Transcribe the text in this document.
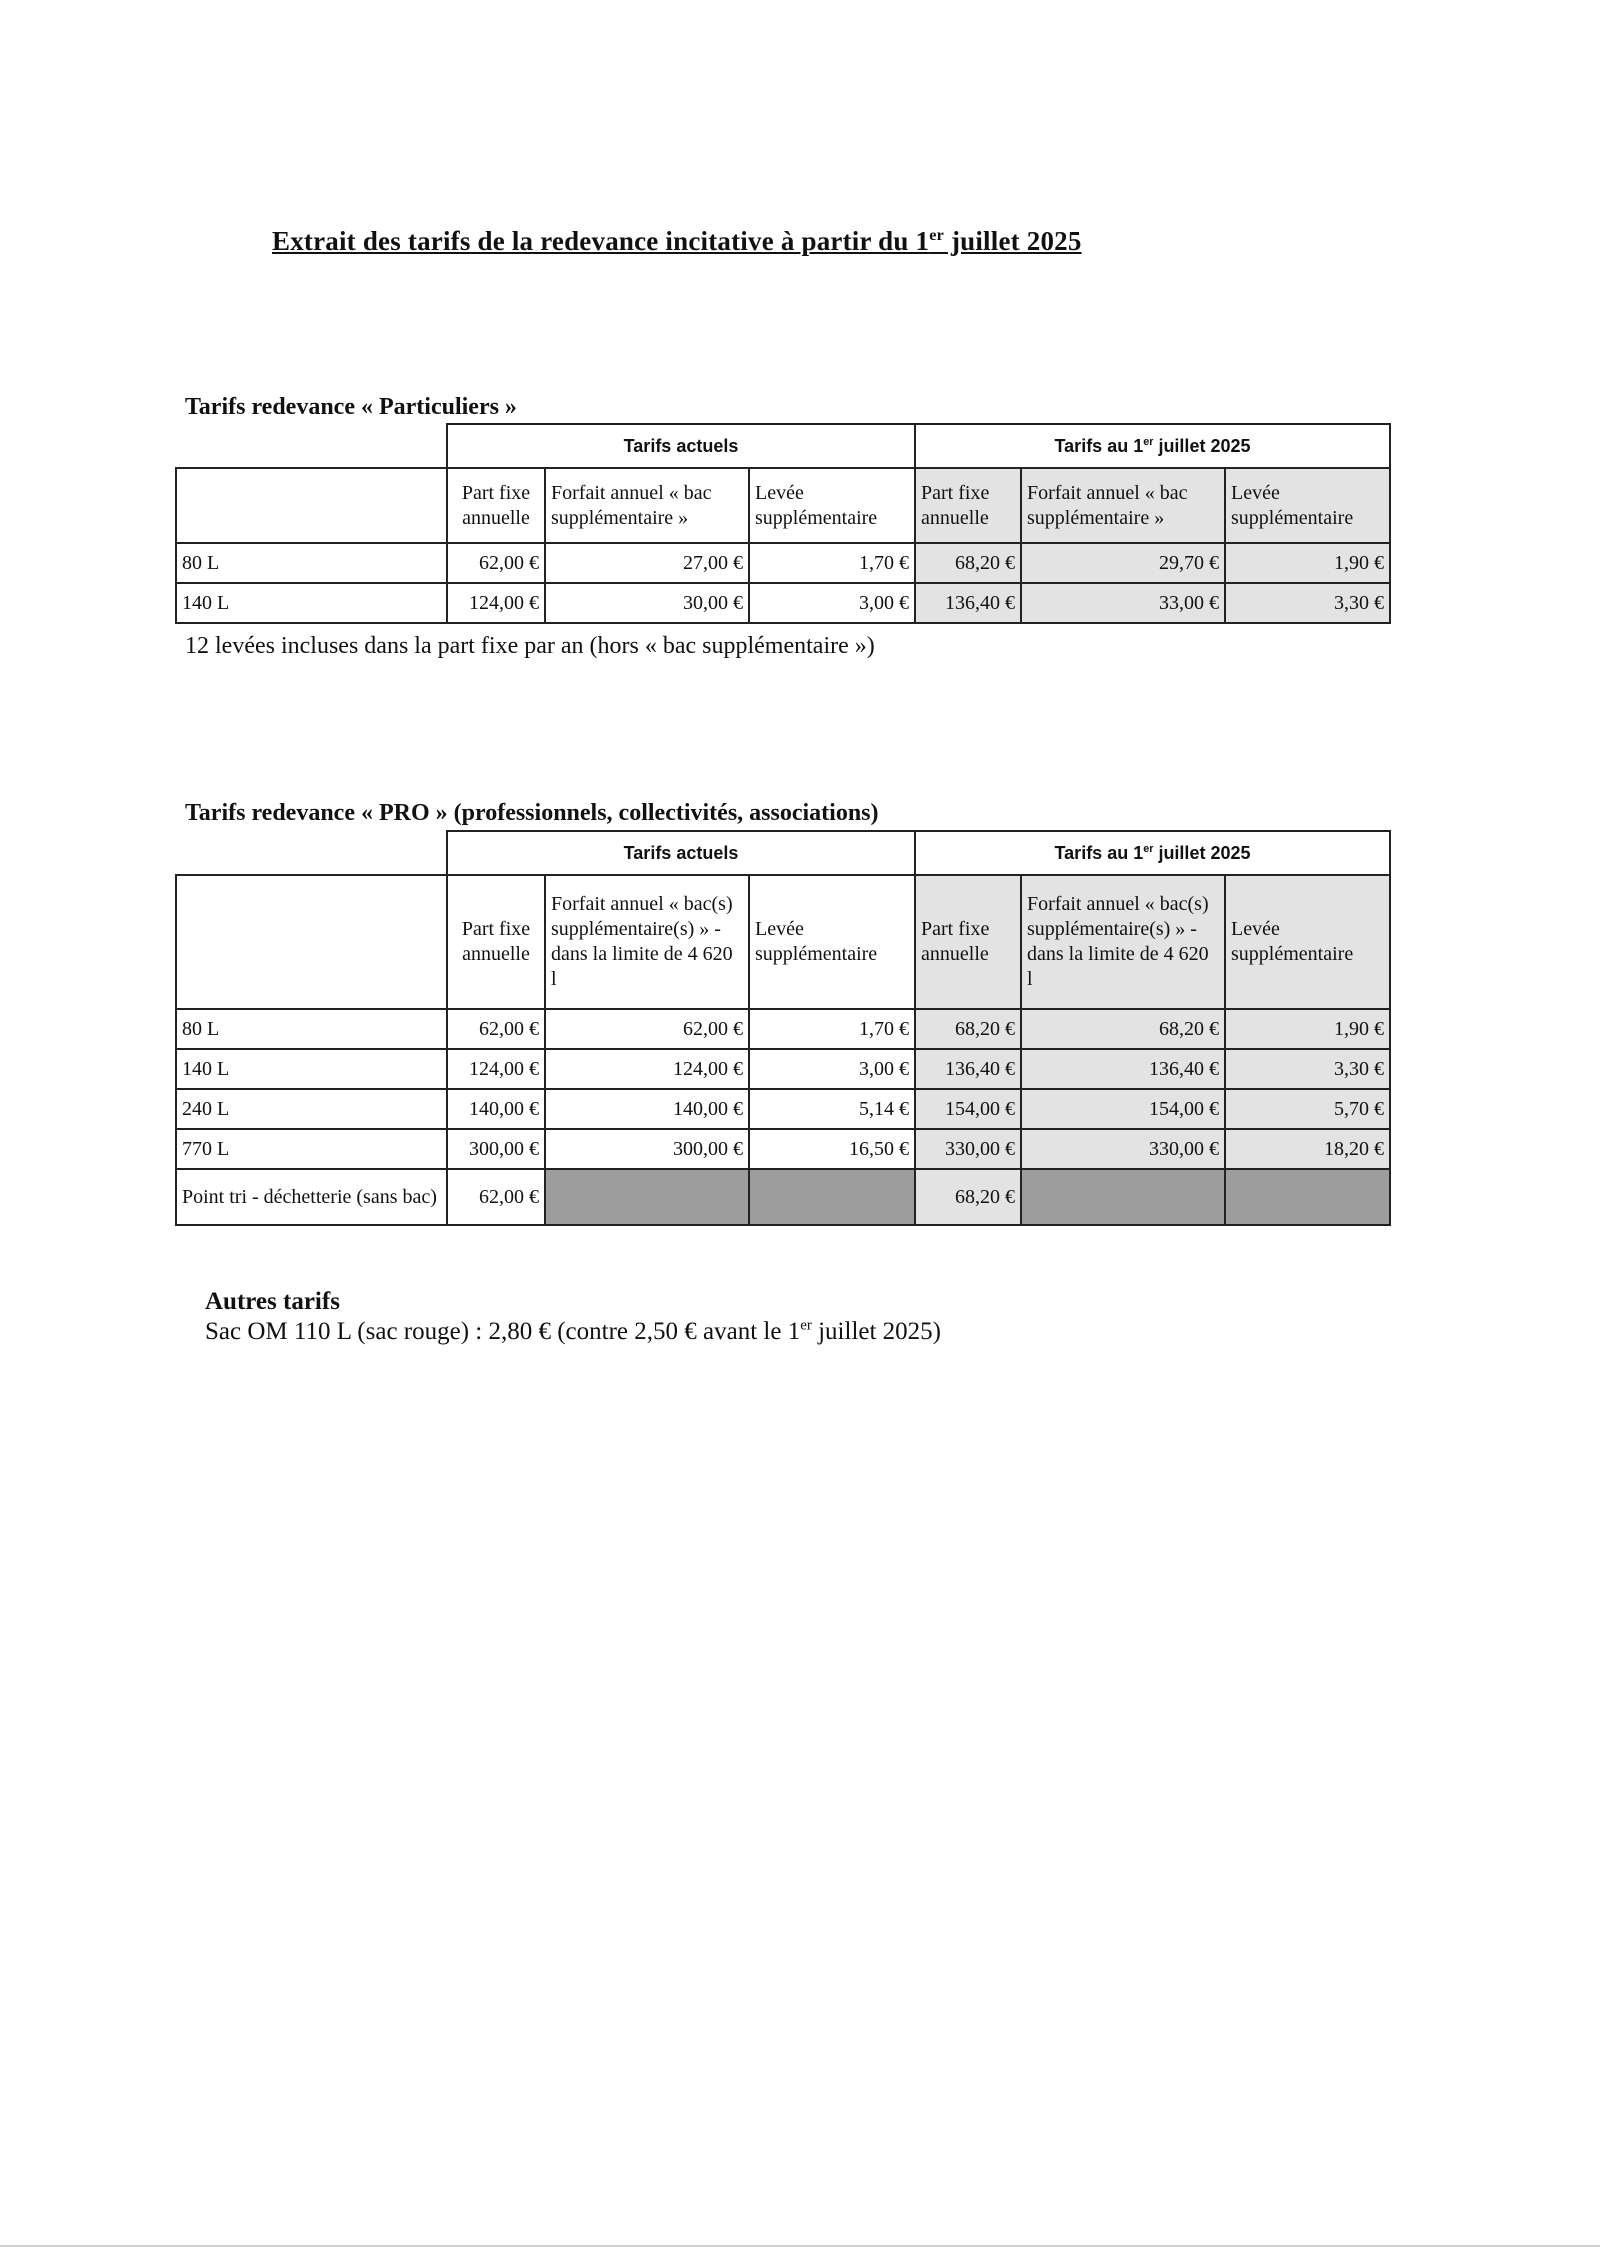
Extrait des tarifs de la redevance incitative à partir du 1er juillet 2025
Tarifs redevance « Particuliers »
	Tarifs actuels			Tarifs au 1er juillet 2025		
	Part fixe annuelle	Forfait annuel « bac supplémentaire »	Levée supplémentaire	Part fixe annuelle	Forfait annuel « bac supplémentaire »	Levée supplémentaire
80 L	62,00 €	27,00 €	1,70 €	68,20 €	29,70 €	1,90 €
140 L	124,00 €	30,00 €	3,00 €	136,40 €	33,00 €	3,30 €
12 levées incluses dans la part fixe par an (hors « bac supplémentaire »)
Tarifs redevance « PRO » (professionnels, collectivités, associations)
	Tarifs actuels			Tarifs au 1er juillet 2025		
	Part fixe annuelle	Forfait annuel « bac(s) supplémentaire(s) » - dans la limite de 4 620 l	Levée supplémentaire	Part fixe annuelle	Forfait annuel « bac(s) supplémentaire(s) » - dans la limite de 4 620 l	Levée supplémentaire
80 L	62,00 €	62,00 €	1,70 €	68,20 €	68,20 €	1,90 €
140 L	124,00 €	124,00 €	3,00 €	136,40 €	136,40 €	3,30 €
240 L	140,00 €	140,00 €	5,14 €	154,00 €	154,00 €	5,70 €
770 L	300,00 €	300,00 €	16,50 €	330,00 €	330,00 €	18,20 €
Point tri - déchetterie (sans bac)	62,00 €			68,20 €		
Autres tarifs
Sac OM 110 L (sac rouge) : 2,80 € (contre 2,50 € avant le 1er juillet 2025)
